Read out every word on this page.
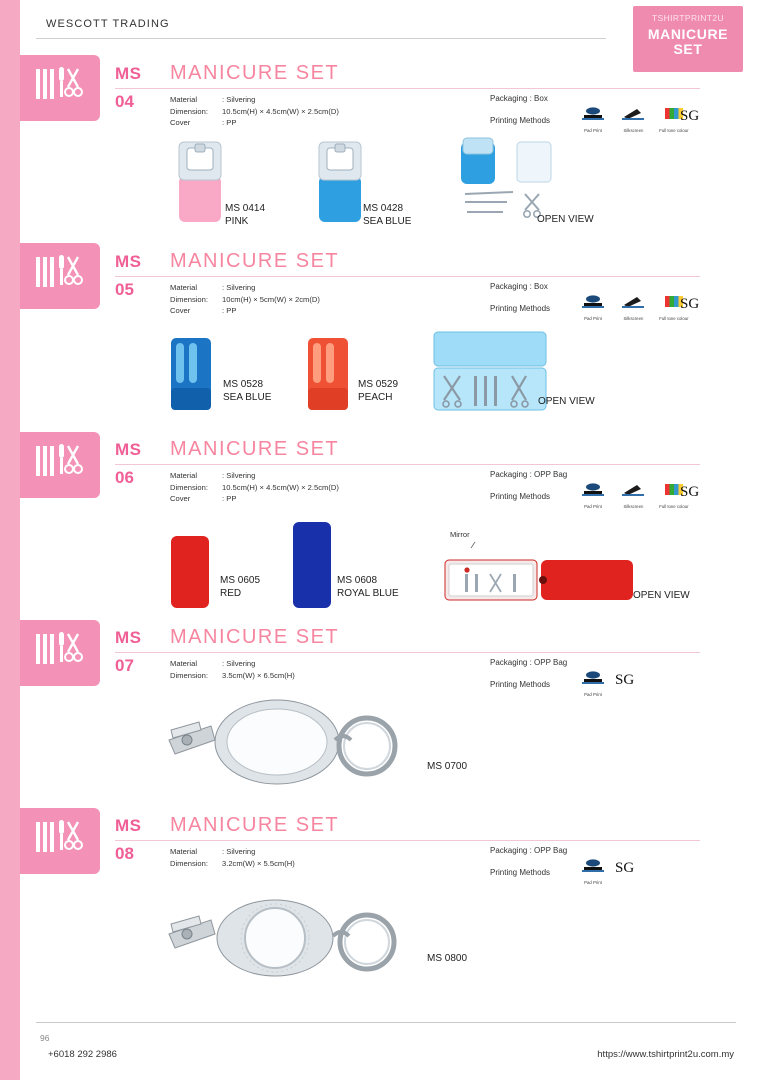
WESCOTT TRADING	TSHIRTPRINT2U
MANICURE
SET
MS MANICURE SET
04	Material	: Silvering
Dimension: 10.5cm(H) × 4.5cm(W) × 2.5cm(D)
Cover	: PP
Packaging : Box
Printing Methods
Pad Print
	Silkscreen
	Full tone colour
SG
MS 0414
PINK
MS 0428
SEA BLUE	OPEN VIEW
MS MANICURE SET
05	Material	: Silvering
Dimension: 10cm(H) × 5cm(W) × 2cm(D)
Cover	: PP
Packaging : Box
Printing Methods
Pad Print
	Silkscreen
	Full tone colour
SG
MS 0528
SEA BLUE
MS 0529
PEACH	OPEN VIEW
MS MANICURE SET
06	Material	: Silvering
Dimension: 10.5cm(H) × 4.5cm(W) × 2.5cm(D)
Cover	: PP
Packaging : OPP Bag
Printing Methods
Pad Print
	Silkscreen
	Full tone colour
SG
MS 0605
RED
MS 0608
ROYAL BLUE
Mirror
OPEN VIEW
MS MANICURE SET
07	Material	: Silvering
Dimension: 3.5cm(W) × 6.5cm(H)
Packaging : OPP Bag
Printing Methods
Pad Print
SG
MS 0700
MS MANICURE SET
08	Material	: Silvering
Dimension: 3.2cm(W) × 5.5cm(H)
Packaging : OPP Bag
Printing Methods
Pad Print
SG
MS 0800
96
+6018 292 2986	https://www.tshirtprint2u.com.my
